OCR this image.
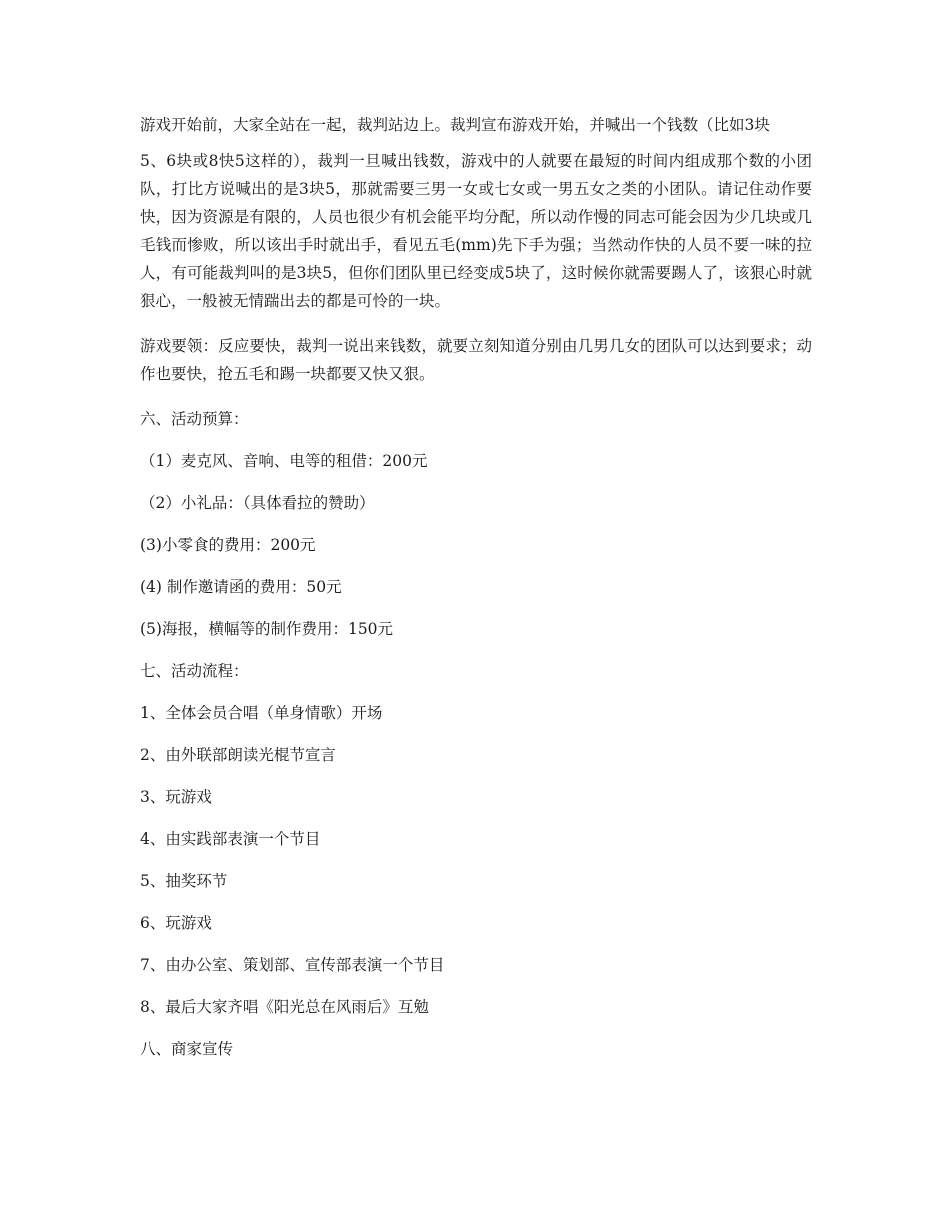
游戏开始前，大家全站在一起，裁判站边上。裁判宣布游戏开始，并喊出一个钱数（比如3块

5、6块或8快5这样的），裁判一旦喊出钱数，游戏中的人就要在最短的时间内组成那个数的小团队，打比方说喊出的是3块5，那就需要三男一女或七女或一男五女之类的小团队。请记住动作要快，因为资源是有限的，人员也很少有机会能平均分配，所以动作慢的同志可能会因为少几块或几毛钱而惨败，所以该出手时就出手，看见五毛(mm)先下手为强；当然动作快的人员不要一味的拉人，有可能裁判叫的是3块5，但你们团队里已经变成5块了，这时候你就需要踢人了，该狠心时就狠心，一般被无情踹出去的都是可怜的一块。

游戏要领：反应要快，裁判一说出来钱数，就要立刻知道分别由几男几女的团队可以达到要求；动作也要快，抢五毛和踢一块都要又快又狠。

六、活动预算：

（1）麦克风、音响、电等的租借：200元

（2）小礼品：（具体看拉的赞助）

(3)小零食的费用：200元

(4) 制作邀请函的费用：50元

(5)海报，横幅等的制作费用：150元

七、活动流程：

1、全体会员合唱（单身情歌）开场

2、由外联部朗读光棍节宣言

3、玩游戏

4、由实践部表演一个节目

5、抽奖环节

6、玩游戏

7、由办公室、策划部、宣传部表演一个节目

8、最后大家齐唱《阳光总在风雨后》互勉

八、商家宣传
